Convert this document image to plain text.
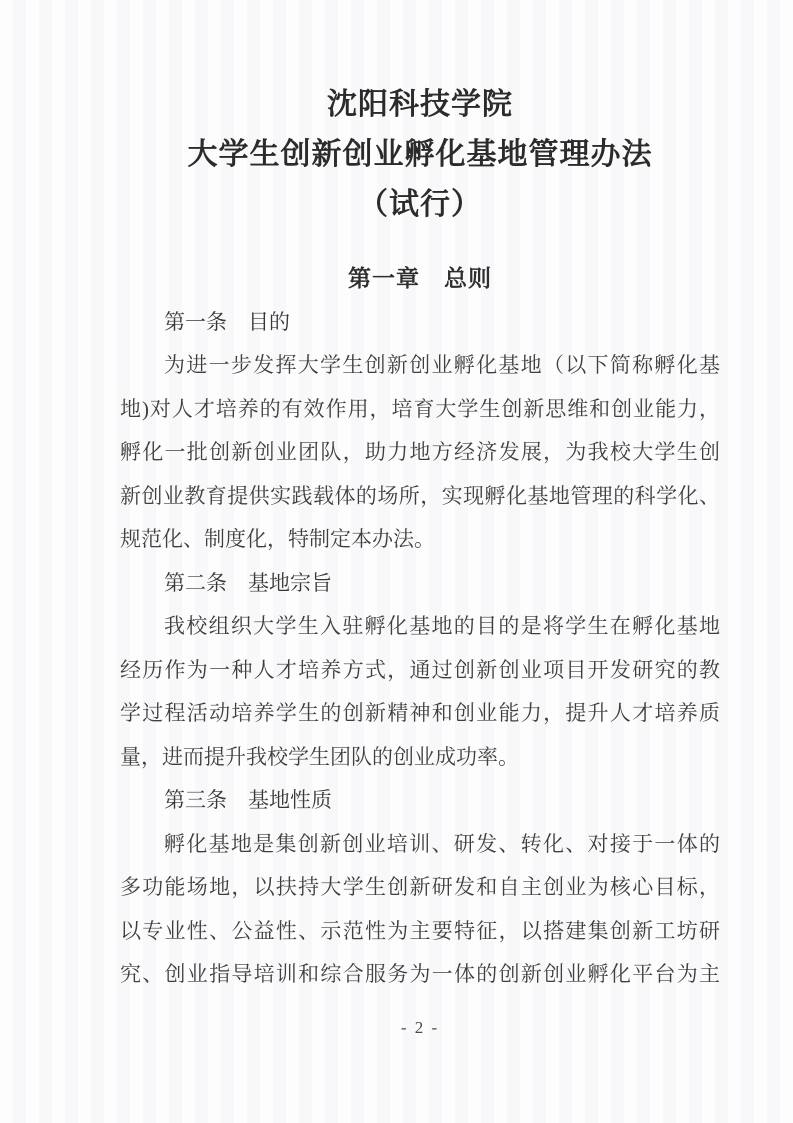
沈阳科技学院
大学生创新创业孵化基地管理办法
（试行）
第一章　总则
第一条　目的
为进一步发挥大学生创新创业孵化基地（以下简称孵化基
地)对人才培养的有效作用，培育大学生创新思维和创业能力，
孵化一批创新创业团队，助力地方经济发展，为我校大学生创
新创业教育提供实践载体的场所，实现孵化基地管理的科学化、
规范化、制度化，特制定本办法。
第二条　基地宗旨
我校组织大学生入驻孵化基地的目的是将学生在孵化基地
经历作为一种人才培养方式，通过创新创业项目开发研究的教
学过程活动培养学生的创新精神和创业能力，提升人才培养质
量，进而提升我校学生团队的创业成功率。
第三条　基地性质
孵化基地是集创新创业培训、研发、转化、对接于一体的
多功能场地，以扶持大学生创新研发和自主创业为核心目标，
以专业性、公益性、示范性为主要特征，以搭建集创新工坊研
究、创业指导培训和综合服务为一体的创新创业孵化平台为主
- 2 -
